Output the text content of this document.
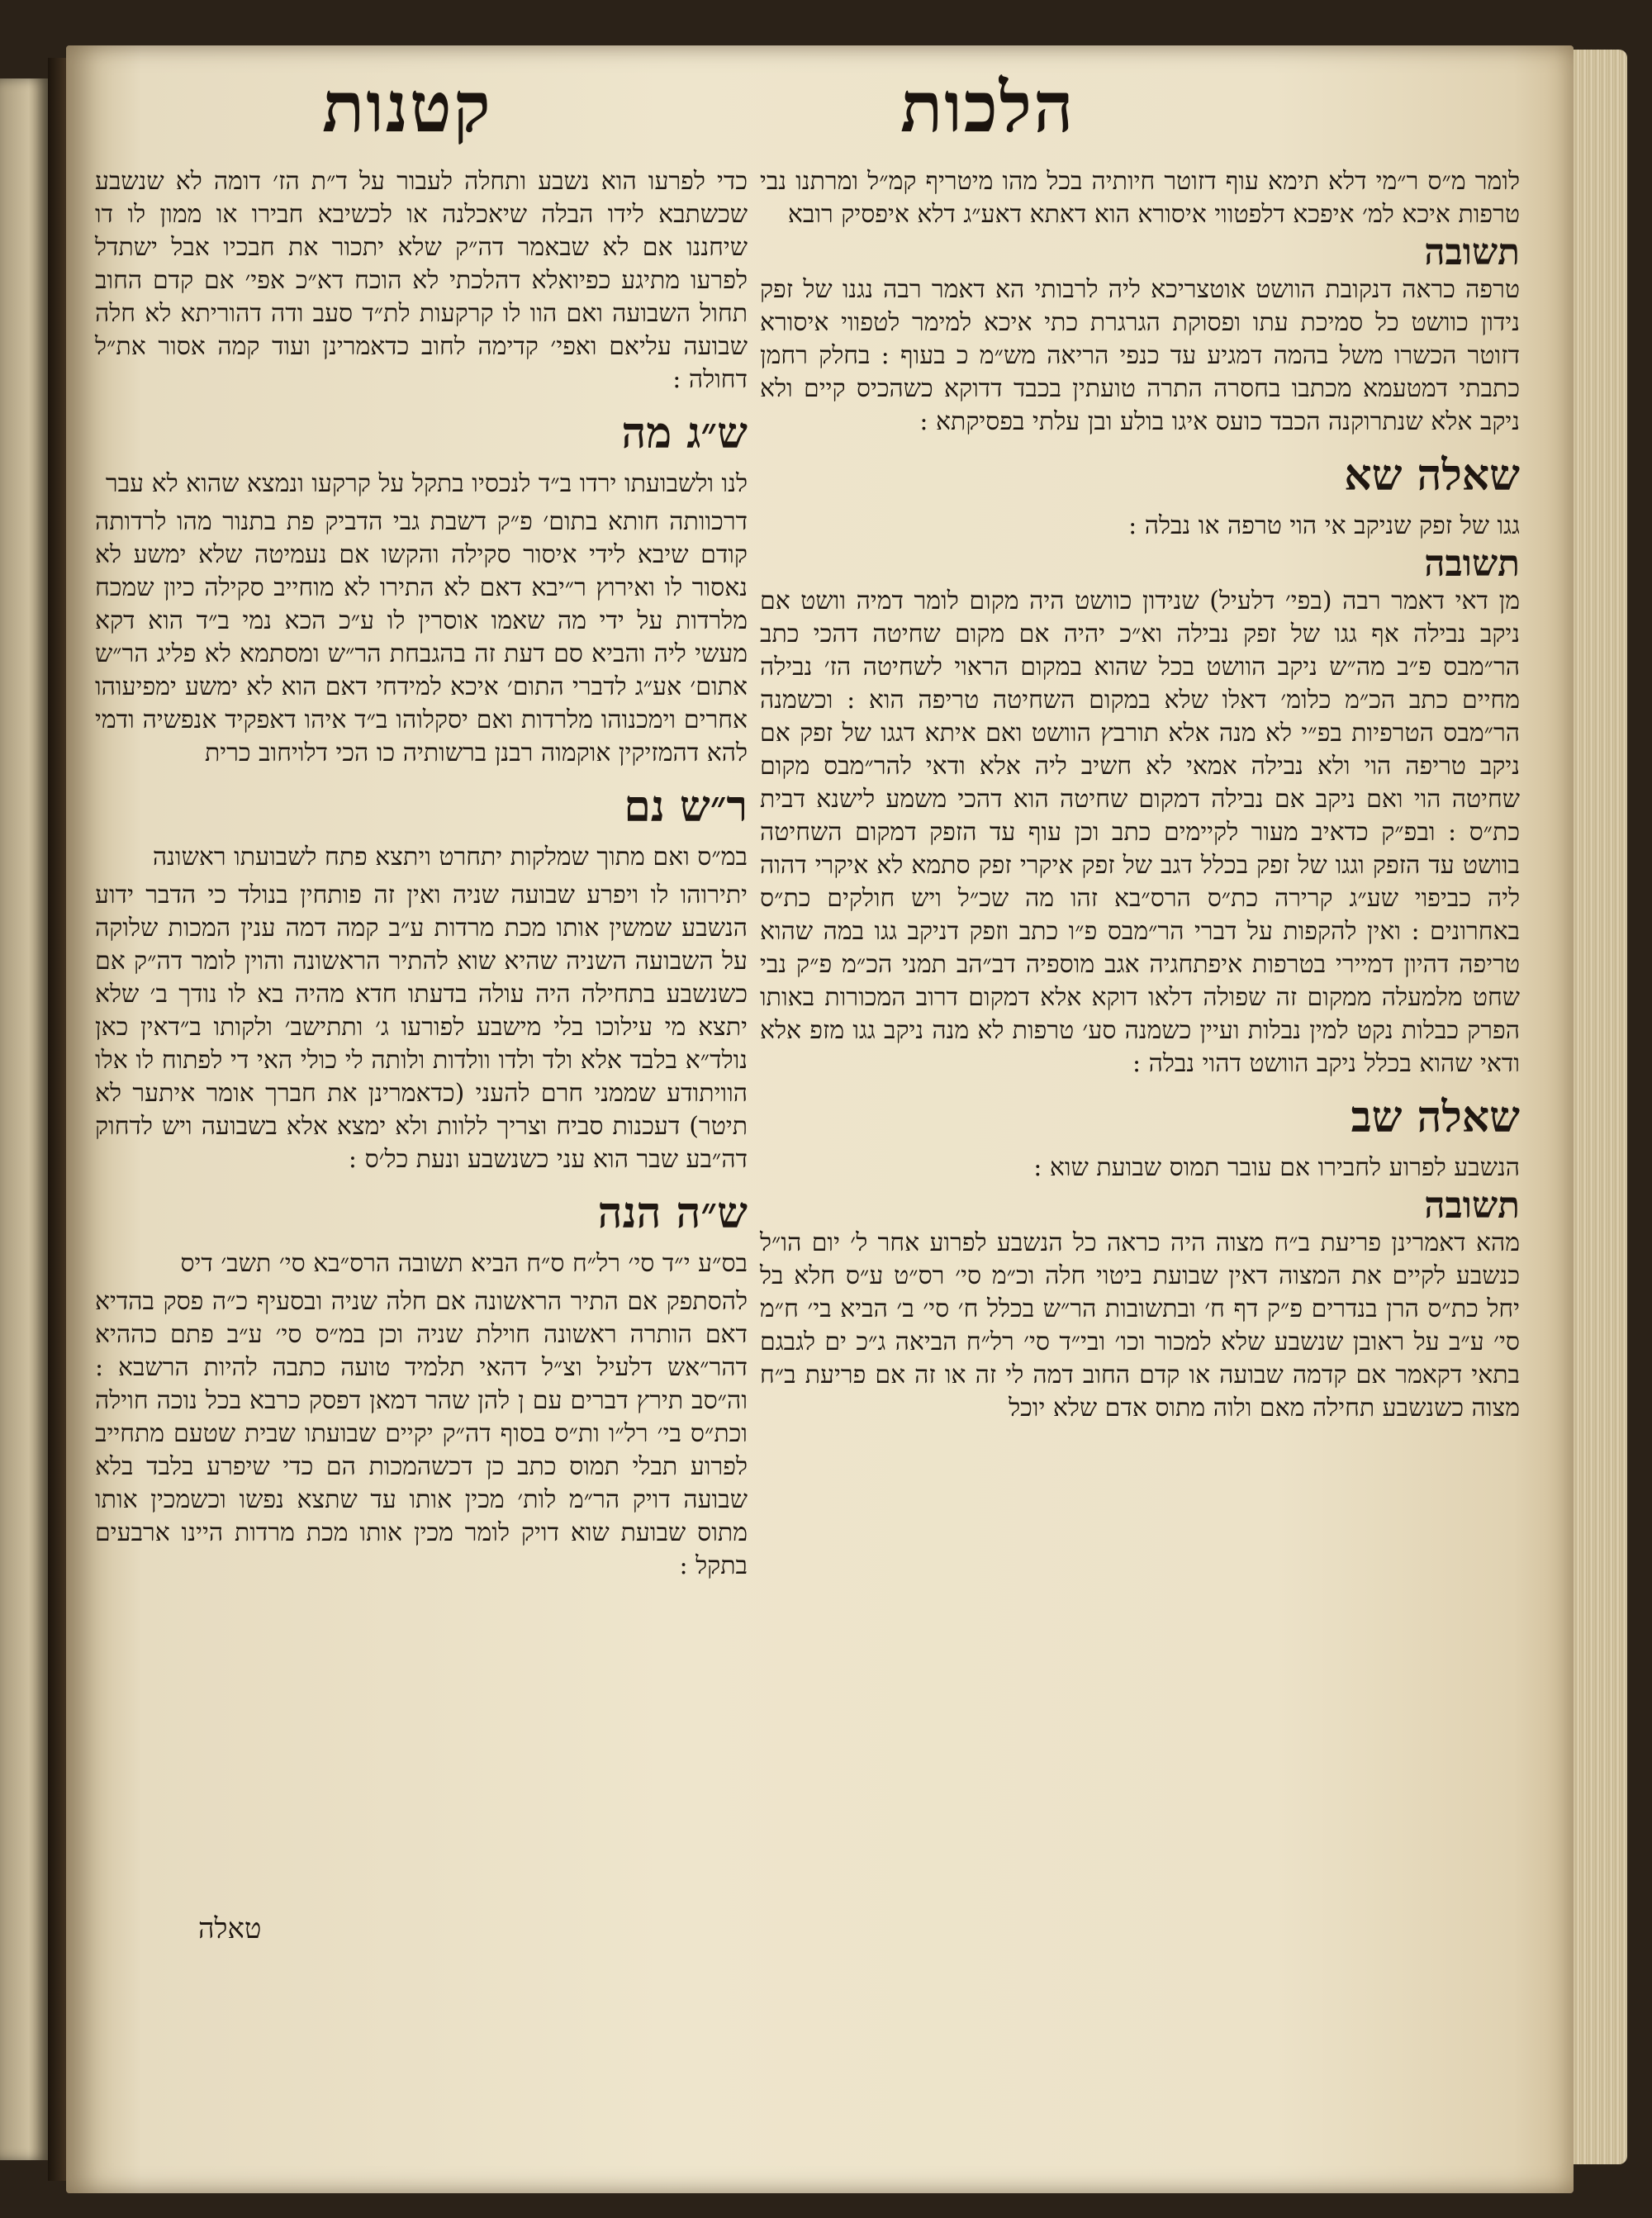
הלכות
קטנות

לומר מ״ס ר״מי דלא תימא עוף דזוטר חיותיה בכל מהו מיטריף קמ״ל ומרתנו נבי טרפות איכא למ׳ איפכא דלפטווי איסורא הוא דאתא דאע״ג דלא איפסיק רובא

תשובה

טרפה כראה דנקובת הוושט אוטצריכא ליה לרבותי הא דאמר רבה נגנו של זפק נידון כוושט כל סמיכת עתו ופסוקת הגרגרת כתי איכא למימר לטפווי איסורא דזוטר הכשרו משל בהמה דמגיע עד כנפי הריאה מש״מ כ בעוף : בחלק רחמן כתבתי דמטעמא מכתבו בחסרה התרה טועתין בכבד דדוקא כשהכיס קיים ולא ניקב אלא שנתרוקנה הכבד כועס איגו בולע ובן עלתי בפסיקתא :

שאלה שא

גגו של זפק שניקב אי הוי טרפה או נבלה :

תשובה

מן דאי דאמר רבה (בפי׳ דלעיל) שנידון כוושט היה מקום לומר דמיה וושט אם ניקב נבילה אף גגו של זפק נבילה וא״כ יהיה אם מקום שחיטה דהכי כתב הר״מבס פ״ב מה״ש ניקב הוושט בכל שהוא במקום הראוי לשחיטה הז׳ נבילה מחיים כתב הכ״מ כלומ׳ דאלו שלא במקום השחיטה טריפה הוא : וכשמנה הר״מבס הטרפיות בפ״י לא מנה אלא תורבץ הוושט ואם איתא דגגו של זפק אם ניקב טריפה הוי ולא נבילה אמאי לא חשיב ליה אלא ודאי להר״מבס מקום שחיטה הוי ואם ניקב אם נבילה דמקום שחיטה הוא דהכי משמע לישנא דבית כת״ס : ובפ״ק כדאיב מעור לקיימים כתב וכן עוף עד הזפק דמקום השחיטה בוושט עד הזפק וגגו של זפק בכלל דגב של זפק איקרי זפק סתמא לא איקרי דהוה ליה כביפוי שע״ג קרירה כת״ס הרס״בא זהו מה שכ״ל ויש חולקים כת״ס באחרונים : ואין להקפות על דברי הר״מבס פ״ו כתב וזפק דניקב גגו במה שהוא טריפה דהיון דמיירי בטרפות איפתחגיה אגב מוספיה דב״הב תמני הכ״מ פ״ק נבי שחט מלמעלה ממקום זה שפולה דלאו דוקא אלא דמקום דרוב המכורות באותו הפרק כבלות נקט למין נבלות ועיין כשמנה סע׳ טרפות לא מנה ניקב גגו מזפ אלא ודאי שהוא בכלל ניקב הוושט דהוי נבלה :

שאלה שב

הנשבע לפרוע לחבירו אם עובר תמוס שבועת שוא :

תשובה

מהא דאמרינן פריעת ב״ח מצוה היה כראה כל הנשבע לפרוע אחר ל׳ יום הו״ל כנשבע לקיים את המצוה דאין שבועת ביטוי חלה וכ״מ סי׳ רס״ט ע״ס חלא בל יחל כת״ס הרן בנדרים פ״ק דף ח׳ ובתשובות הר״ש בכלל ח׳ סי׳ ב׳ הביא בי׳ ח״מ סי׳ ע״ב על ראובן שנשבע שלא למכור וכו׳ ובי״ד סי׳ רל״ח הביאה ג״כ ים לגבגם בתאי דקאמר אם קדמה שבועה או קדם החוב דמה לי זה או זה אם פריעת ב״ח מצוה כשנשבע תחילה מאם ולוה מתוס אדם שלא יוכל

כדי לפרעו הוא נשבע ותחלה לעבור על ד״ת הז׳ דומה לא שנשבע שכשתבא לידו הבלה שיאכלנה או לכשיבא חבירו או ממון לו דו שיחננו אם לא שבאמר דה״ק שלא יתכור את חבכיו אבל ישתדל לפרעו מתיגע כפיואלא דהלכתי לא הוכח דא״כ אפי׳ אם קדם החוב תחול השבועה ואם הוו לו קרקעות לת״ד סעב ודה דהוריתא לא חלה שבועה עליאם ואפי׳ קדימה לחוב כדאמרינן ועוד קמה אסור את״ל דחולה :

ש״ג מה

לנו ולשבועתו ירדו ב״ד לנכסיו בתקל על קרקעו ונמצא שהוא לא עבר

דרכוותה חותא בתום׳ פ״ק דשבת גבי הדביק פת בתנור מהו לרדותה קודם שיבא לידי איסור סקילה והקשו אם נעמיטה שלא ימשע לא נאסור לו ואירוץ ר״יבא דאם לא התירו לא מוחייב סקילה כיון שמכח מלרדות על ידי מה שאמו אוסרין לו ע״כ הכא נמי ב״ד הוא דקא מעשי ליה והביא סם דעת זה בהגבחת הר״ש ומסתמא לא פליג הר״ש אתום׳ אע״ג לדברי התום׳ איכא למידחי דאם הוא לא ימשע ימפיעוהו אחרים וימכנוהו מלרדות ואם יסקלוהו ב״ד איהו דאפקיד אנפשיה ודמי להא דהמזיקין אוקמוה רבנן ברשותיה כו הכי דלויחוב כרית

ר״ש נם

במ״ס ואם מתוך שמלקות יתחרט ויתצא פתח לשבועתו ראשונה

יתירוהו לו ויפרע שבועה שניה ואין זה פותחין בנולד כי הדבר ידוע הנשבע שמשין אותו מכת מרדות ע״ב קמה דמה ענין המכות שלוקה על השבועה השניה שהיא שוא להתיר הראשונה והוין לומר דה״ק אם כשנשבע בתחילה היה עולה בדעתו חדא מהיה בא לו נודך ב׳ שלא יתצא מי עילוכו בלי מישבע לפורעו ג׳ ותתישב׳ ולקותו ב״דאין כאן נולד״א בלבד אלא ולד ולדו וולדות ולותה לי כולי האי די לפתוח לו אלו הוויתודע שממני חרם להעני (כדאמרינן את חברך אומר איתער לא תיטר) דעכנות סביח וצריך ללוות ולא ימצא אלא בשבועה ויש לדחוק דה״בע שבר הוא עני כשנשבע ונעת כל׳ס :

ש״ה הנה

בס״ע י״ד סי׳ רל״ח ס״ח הביא תשובה הרס״בא סי׳ תשב׳ דיס

להסתפק אם התיר הראשונה אם חלה שניה ובסעיף כ״ה פסק בהדיא דאם הותרה ראשונה חוילת שניה וכן במ״ס סי׳ ע״ב פתם כההיא דהר״אש דלעיל וצ״ל דהאי תלמיד טועה כתבה להיות הרשבא : וה״סב תירץ דברים עם ן להן שהר דמאן דפסק כרבא בכל נוכה חוילה וכת״ס בי׳ רל״ו ות״ס בסוף דה״ק יקיים שבועתו שבית שטעם מתחייב לפרוע תבלי תמוס כתב כן דכשהמכות הם כדי שיפרע בלבד בלא שבועה דויק הר״מ לות׳ מכין אותו עד שתצא נפשו וכשמכין אותו מתוס שבועת שוא דויק לומר מכין אותו מכת מרדות היינו ארבעים בתקל :

טאלה
